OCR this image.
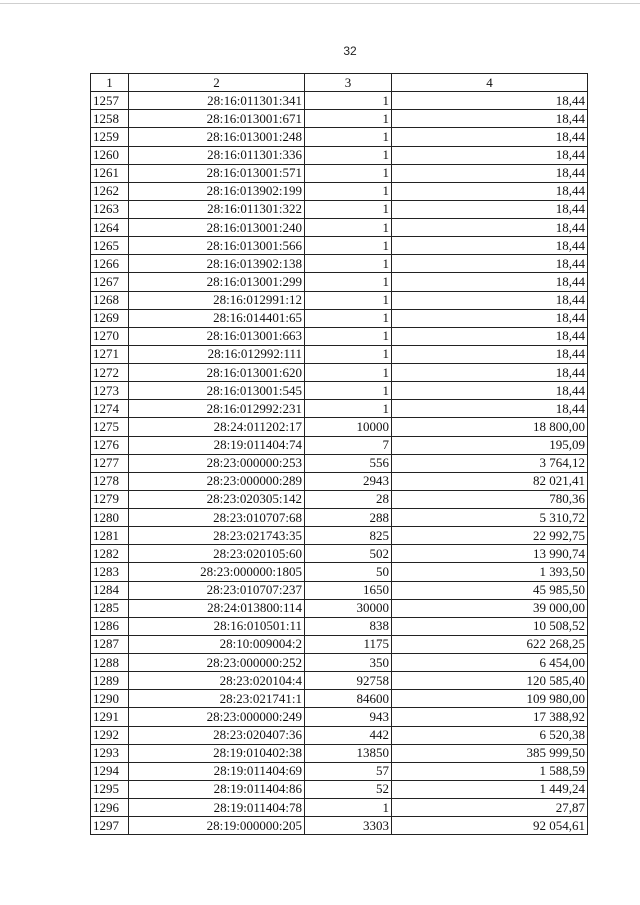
32
1	2	3	4
1257	28:16:011301:341	1	18,44
1258	28:16:013001:671	1	18,44
1259	28:16:013001:248	1	18,44
1260	28:16:011301:336	1	18,44
1261	28:16:013001:571	1	18,44
1262	28:16:013902:199	1	18,44
1263	28:16:011301:322	1	18,44
1264	28:16:013001:240	1	18,44
1265	28:16:013001:566	1	18,44
1266	28:16:013902:138	1	18,44
1267	28:16:013001:299	1	18,44
1268	28:16:012991:12	1	18,44
1269	28:16:014401:65	1	18,44
1270	28:16:013001:663	1	18,44
1271	28:16:012992:111	1	18,44
1272	28:16:013001:620	1	18,44
1273	28:16:013001:545	1	18,44
1274	28:16:012992:231	1	18,44
1275	28:24:011202:17	10000	18 800,00
1276	28:19:011404:74	7	195,09
1277	28:23:000000:253	556	3 764,12
1278	28:23:000000:289	2943	82 021,41
1279	28:23:020305:142	28	780,36
1280	28:23:010707:68	288	5 310,72
1281	28:23:021743:35	825	22 992,75
1282	28:23:020105:60	502	13 990,74
1283	28:23:000000:1805	50	1 393,50
1284	28:23:010707:237	1650	45 985,50
1285	28:24:013800:114	30000	39 000,00
1286	28:16:010501:11	838	10 508,52
1287	28:10:009004:2	1175	622 268,25
1288	28:23:000000:252	350	6 454,00
1289	28:23:020104:4	92758	120 585,40
1290	28:23:021741:1	84600	109 980,00
1291	28:23:000000:249	943	17 388,92
1292	28:23:020407:36	442	6 520,38
1293	28:19:010402:38	13850	385 999,50
1294	28:19:011404:69	57	1 588,59
1295	28:19:011404:86	52	1 449,24
1296	28:19:011404:78	1	27,87
1297	28:19:000000:205	3303	92 054,61
